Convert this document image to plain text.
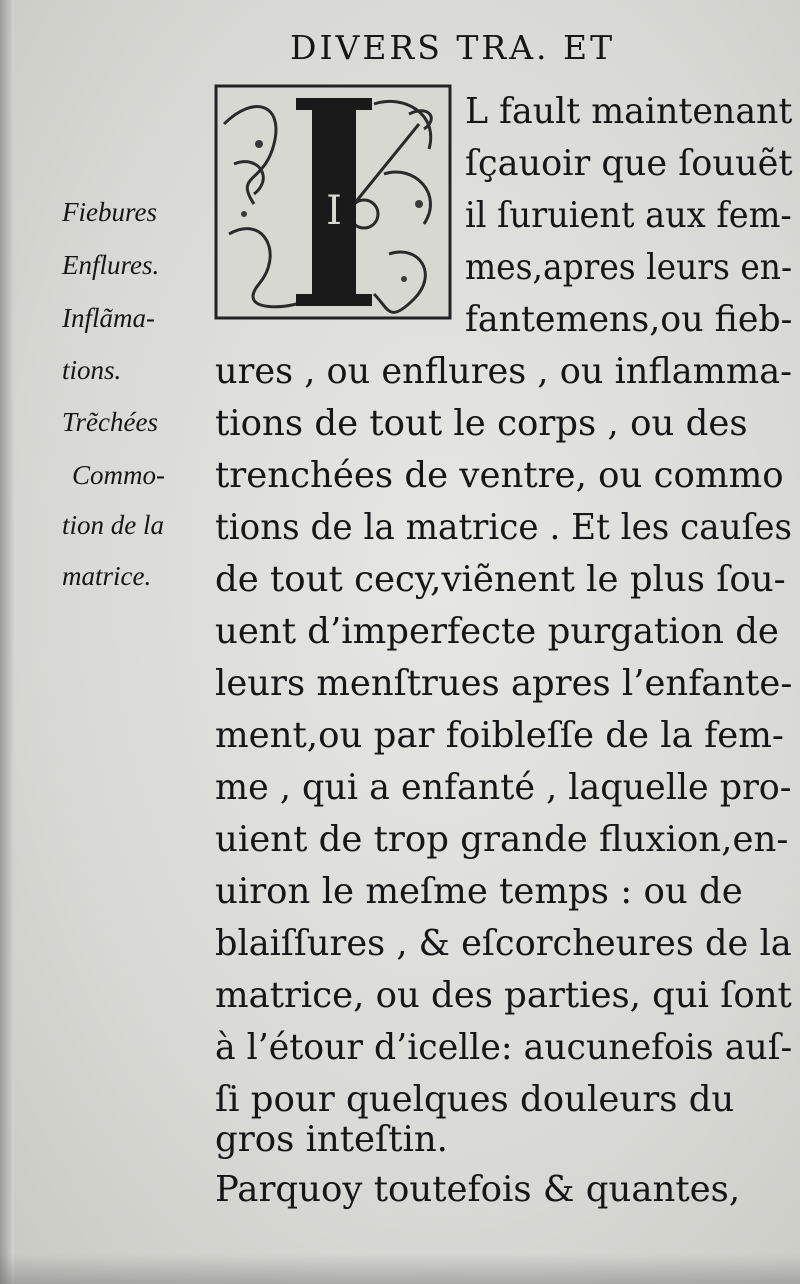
DIVERS TRA. ET
I
Fiebures
Enflures.
Inflãma-
tions.
Trẽchées
Commo-
tion de la
matrice.
L fault maintenant
ſçauoir que ſouuẽt
il ſuruient aux fem-
mes,apres leurs en-
fantemens,ou fieb-
ures , ou enflures , ou inflamma-
tions de tout le corps , ou des
trenchées de ventre, ou commo
tions de la matrice . Et les cauſes
de tout cecy,viẽnent le plus ſou-
uent d’imperfecte purgation de
leurs menſtrues apres l’enfante-
ment,ou par foibleſſe de la fem-
me , qui a enfanté , laquelle pro-
uient de trop grande fluxion,en-
uiron le meſme temps : ou de
blaiſſures , & eſcorcheures de la
matrice, ou des parties, qui ſont
à l’étour d’icelle: aucunefois auſ-
ſi pour quelques douleurs du
gros inteſtin.
Parquoy toutefois & quantes,
